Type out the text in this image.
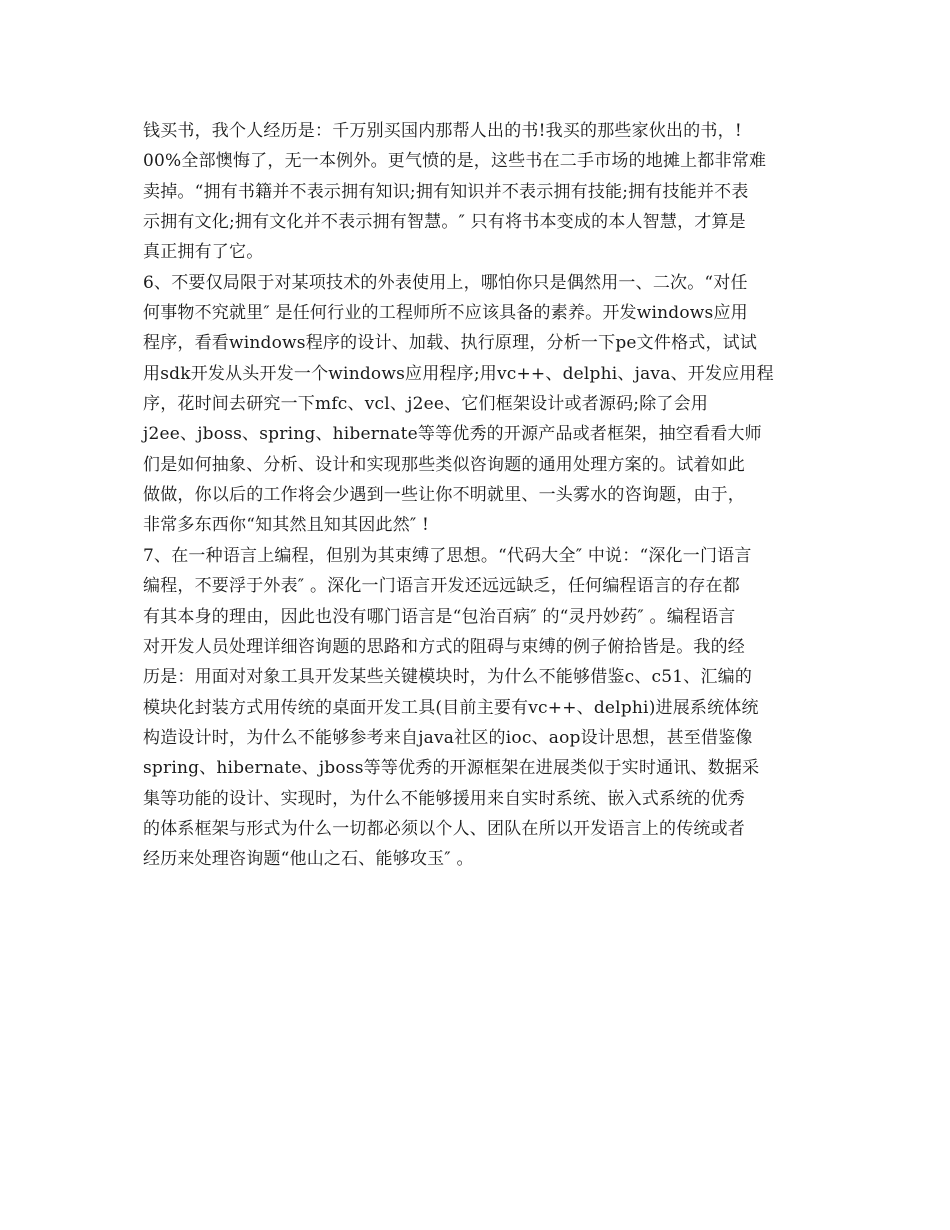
钱买书，我个人经历是：千万别买国内那帮人出的书!我买的那些家伙出的书，!
00%全部懊悔了，无一本例外。更气愤的是，这些书在二手市场的地摊上都非常难
卖掉。“拥有书籍并不表示拥有知识;拥有知识并不表示拥有技能;拥有技能并不表
示拥有文化;拥有文化并不表示拥有智慧。″ 只有将书本变成的本人智慧，才算是
真正拥有了它。
6、不要仅局限于对某项技术的外表使用上，哪怕你只是偶然用一、二次。“对任
何事物不究就里″ 是任何行业的工程师所不应该具备的素养。开发windows应用
程序，看看windows程序的设计、加载、执行原理，分析一下pe文件格式，试试
用sdk开发从头开发一个windows应用程序;用vc++、delphi、java、开发应用程
序，花时间去研究一下mfc、vcl、j2ee、它们框架设计或者源码;除了会用
j2ee、jboss、spring、hibernate等等优秀的开源产品或者框架，抽空看看大师
们是如何抽象、分析、设计和实现那些类似咨询题的通用处理方案的。试着如此
做做，你以后的工作将会少遇到一些让你不明就里、一头雾水的咨询题，由于，
非常多东西你“知其然且知其因此然″ !
7、在一种语言上编程，但别为其束缚了思想。“代码大全″ 中说：“深化一门语言
编程，不要浮于外表″ 。深化一门语言开发还远远缺乏，任何编程语言的存在都
有其本身的理由，因此也没有哪门语言是“包治百病″ 的“灵丹妙药″ 。编程语言
对开发人员处理详细咨询题的思路和方式的阻碍与束缚的例子俯拾皆是。我的经
历是：用面对对象工具开发某些关键模块时，为什么不能够借鉴c、c51、汇编的
模块化封装方式用传统的桌面开发工具(目前主要有vc++、delphi)进展系统体统
构造设计时，为什么不能够参考来自java社区的ioc、aop设计思想，甚至借鉴像
spring、hibernate、jboss等等优秀的开源框架在进展类似于实时通讯、数据采
集等功能的设计、实现时，为什么不能够援用来自实时系统、嵌入式系统的优秀
的体系框架与形式为什么一切都必须以个人、团队在所以开发语言上的传统或者
经历来处理咨询题“他山之石、能够攻玉″ 。
